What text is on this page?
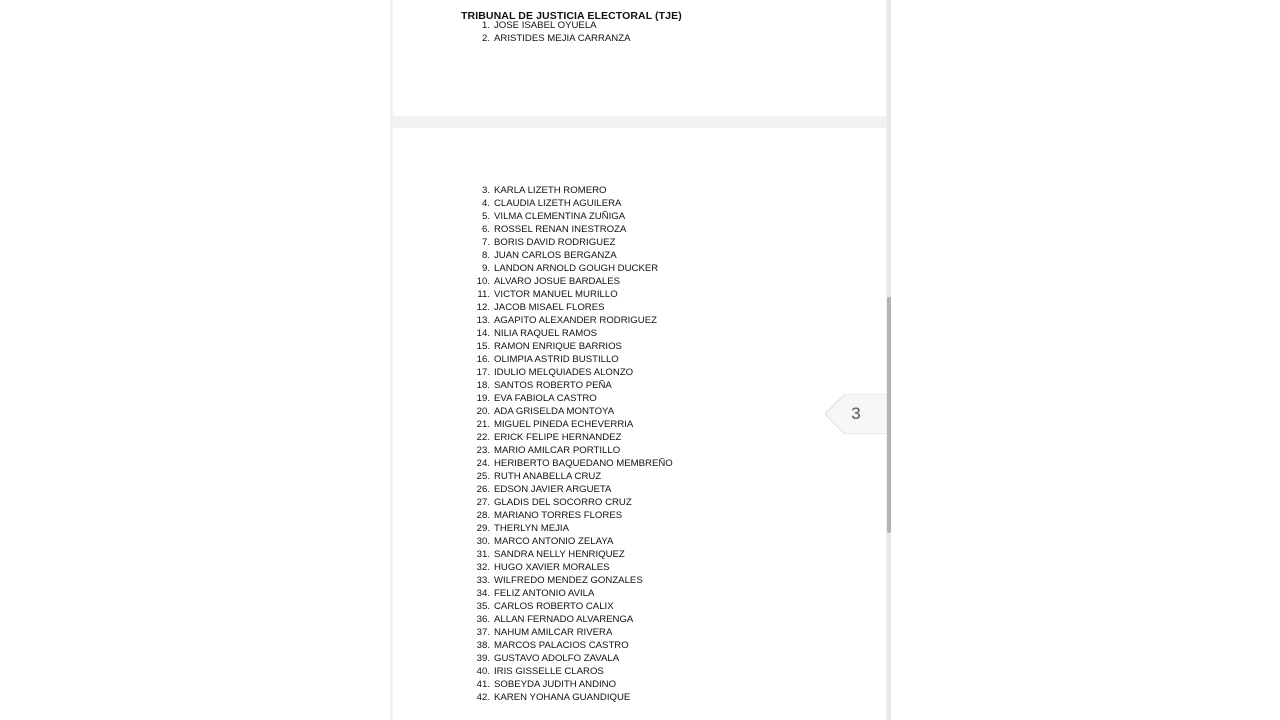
TRIBUNAL DE JUSTICIA ELECTORAL (TJE)
1. JOSE ISABEL OYUELA
2. ARISTIDES MEJIA CARRANZA
3. KARLA LIZETH ROMERO
4. CLAUDIA LIZETH AGUILERA
5. VILMA CLEMENTINA ZUÑIGA
6. ROSSEL RENAN INESTROZA
7. BORIS DAVID RODRIGUEZ
8. JUAN CARLOS BERGANZA
9. LANDON ARNOLD GOUGH DUCKER
10. ALVARO JOSUE BARDALES
11. VICTOR MANUEL MURILLO
12. JACOB MISAEL FLORES
13. AGAPITO ALEXANDER RODRIGUEZ
14. NILIA RAQUEL RAMOS
15. RAMON ENRIQUE BARRIOS
16. OLIMPIA ASTRID BUSTILLO
17. IDULIO MELQUIADES ALONZO
18. SANTOS ROBERTO PEÑA
19. EVA FABIOLA CASTRO
20. ADA GRISELDA MONTOYA
21. MIGUEL PINEDA ECHEVERRIA
22. ERICK FELIPE HERNANDEZ
23. MARIO AMILCAR PORTILLO
24. HERIBERTO BAQUEDANO MEMBREÑO
25. RUTH ANABELLA CRUZ
26. EDSON JAVIER ARGUETA
27. GLADIS DEL SOCORRO CRUZ
28. MARIANO TORRES FLORES
29. THERLYN MEJIA
30. MARCO ANTONIO ZELAYA
31. SANDRA NELLY HENRIQUEZ
32. HUGO XAVIER MORALES
33. WILFREDO MENDEZ GONZALES
34. FELIZ ANTONIO AVILA
35. CARLOS ROBERTO CALIX
36. ALLAN FERNADO ALVARENGA
37. NAHUM AMILCAR RIVERA
38. MARCOS PALACIOS CASTRO
39. GUSTAVO ADOLFO ZAVALA
40. IRIS GISSELLE CLAROS
41. SOBEYDA JUDITH ANDINO
42. KAREN YOHANA GUANDIQUE
3
